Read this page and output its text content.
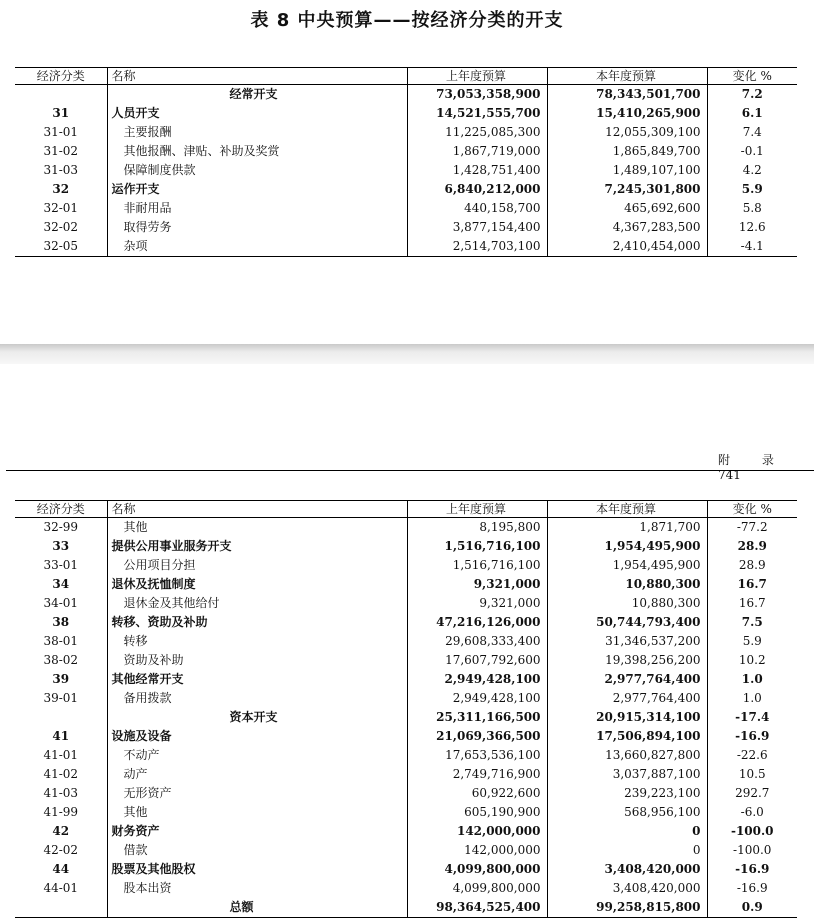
表 8 中央预算——按经济分类的开支
经济分类	名称	上年度预算	本年度预算	变化 %
	经常开支	73,053,358,900	78,343,501,700	7.2
31	人员开支	14,521,555,700	15,410,265,900	6.1
31-01	主要报酬	11,225,085,300	12,055,309,100	7.4
31-02	其他报酬、津贴、补助及奖赏	1,867,719,000	1,865,849,700	-0.1
31-03	保障制度供款	1,428,751,400	1,489,107,100	4.2
32	运作开支	6,840,212,000	7,245,301,800	5.9
32-01	非耐用品	440,158,700	465,692,600	5.8
32-02	取得劳务	3,877,154,400	4,367,283,500	12.6
32-05	杂项	2,514,703,100	2,410,454,000	-4.1
附 录 741
经济分类	名称	上年度预算	本年度预算	变化 %
32-99	其他	8,195,800	1,871,700	-77.2
33	提供公用事业服务开支	1,516,716,100	1,954,495,900	28.9
33-01	公用项目分担	1,516,716,100	1,954,495,900	28.9
34	退休及抚恤制度	9,321,000	10,880,300	16.7
34-01	退休金及其他给付	9,321,000	10,880,300	16.7
38	转移、资助及补助	47,216,126,000	50,744,793,400	7.5
38-01	转移	29,608,333,400	31,346,537,200	5.9
38-02	资助及补助	17,607,792,600	19,398,256,200	10.2
39	其他经常开支	2,949,428,100	2,977,764,400	1.0
39-01	备用拨款	2,949,428,100	2,977,764,400	1.0
	资本开支	25,311,166,500	20,915,314,100	-17.4
41	设施及设备	21,069,366,500	17,506,894,100	-16.9
41-01	不动产	17,653,536,100	13,660,827,800	-22.6
41-02	动产	2,749,716,900	3,037,887,100	10.5
41-03	无形资产	60,922,600	239,223,100	292.7
41-99	其他	605,190,900	568,956,100	-6.0
42	财务资产	142,000,000	0	-100.0
42-02	借款	142,000,000	0	-100.0
44	股票及其他股权	4,099,800,000	3,408,420,000	-16.9
44-01	股本出资	4,099,800,000	3,408,420,000	-16.9
	总额	98,364,525,400	99,258,815,800	0.9
